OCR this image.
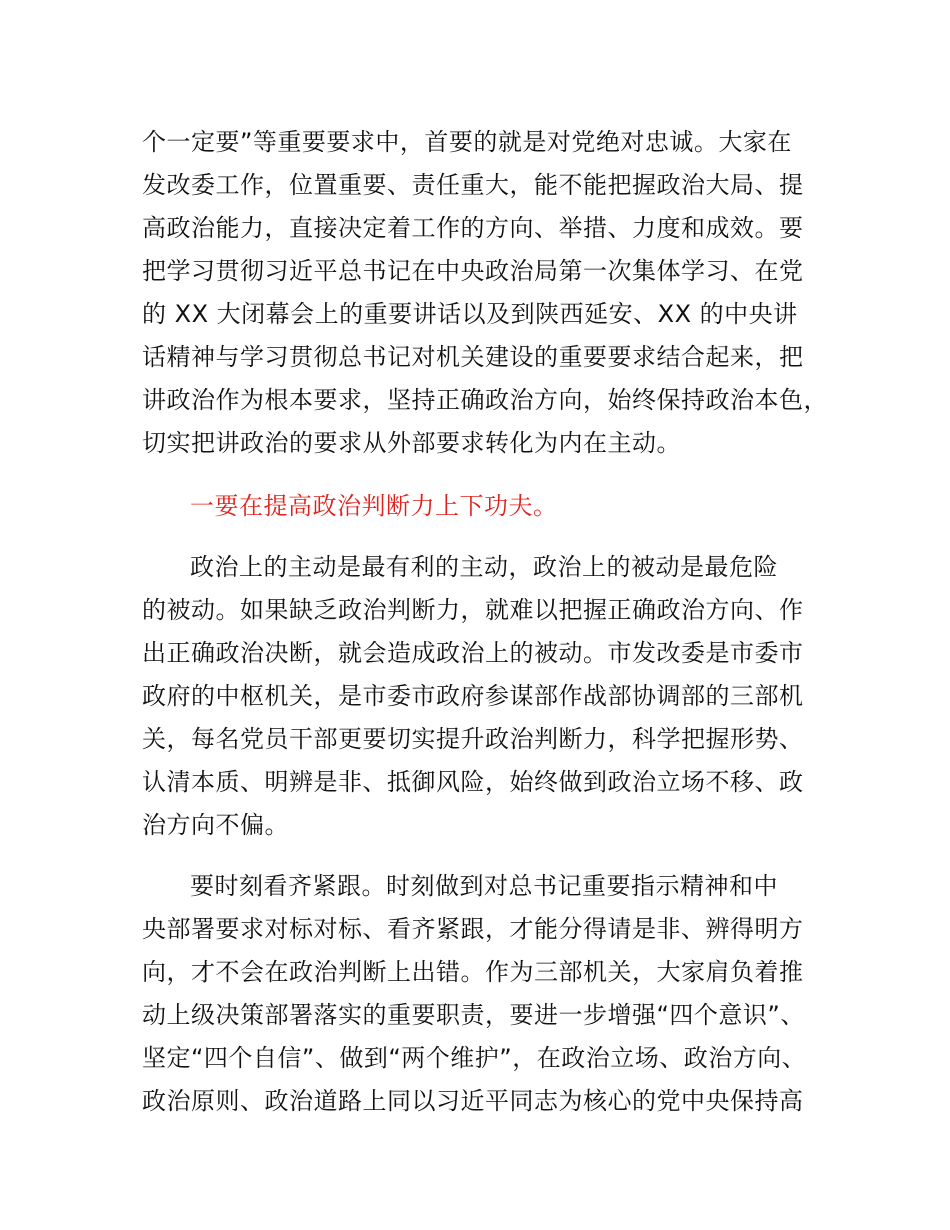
个一定要”等重要要求中，首要的就是对党绝对忠诚。大家在
发改委工作，位置重要、责任重大，能不能把握政治大局、提
高政治能力，直接决定着工作的方向、举措、力度和成效。要
把学习贯彻习近平总书记在中央政治局第一次集体学习、在党
的 XX 大闭幕会上的重要讲话以及到陕西延安、XX 的中央讲
话精神与学习贯彻总书记对机关建设的重要要求结合起来，把
讲政治作为根本要求，坚持正确政治方向，始终保持政治本色，
切实把讲政治的要求从外部要求转化为内在主动。
一要在提高政治判断力上下功夫。
政治上的主动是最有利的主动，政治上的被动是最危险
的被动。如果缺乏政治判断力，就难以把握正确政治方向、作
出正确政治决断，就会造成政治上的被动。市发改委是市委市
政府的中枢机关，是市委市政府参谋部作战部协调部的三部机
关，每名党员干部更要切实提升政治判断力，科学把握形势、
认清本质、明辨是非、抵御风险，始终做到政治立场不移、政
治方向不偏。
要时刻看齐紧跟。时刻做到对总书记重要指示精神和中
央部署要求对标对标、看齐紧跟，才能分得请是非、辨得明方
向，才不会在政治判断上出错。作为三部机关，大家肩负着推
动上级决策部署落实的重要职责，要进一步增强“四个意识”、
坚定“四个自信”、做到“两个维护”，在政治立场、政治方向、
政治原则、政治道路上同以习近平同志为核心的党中央保持高
